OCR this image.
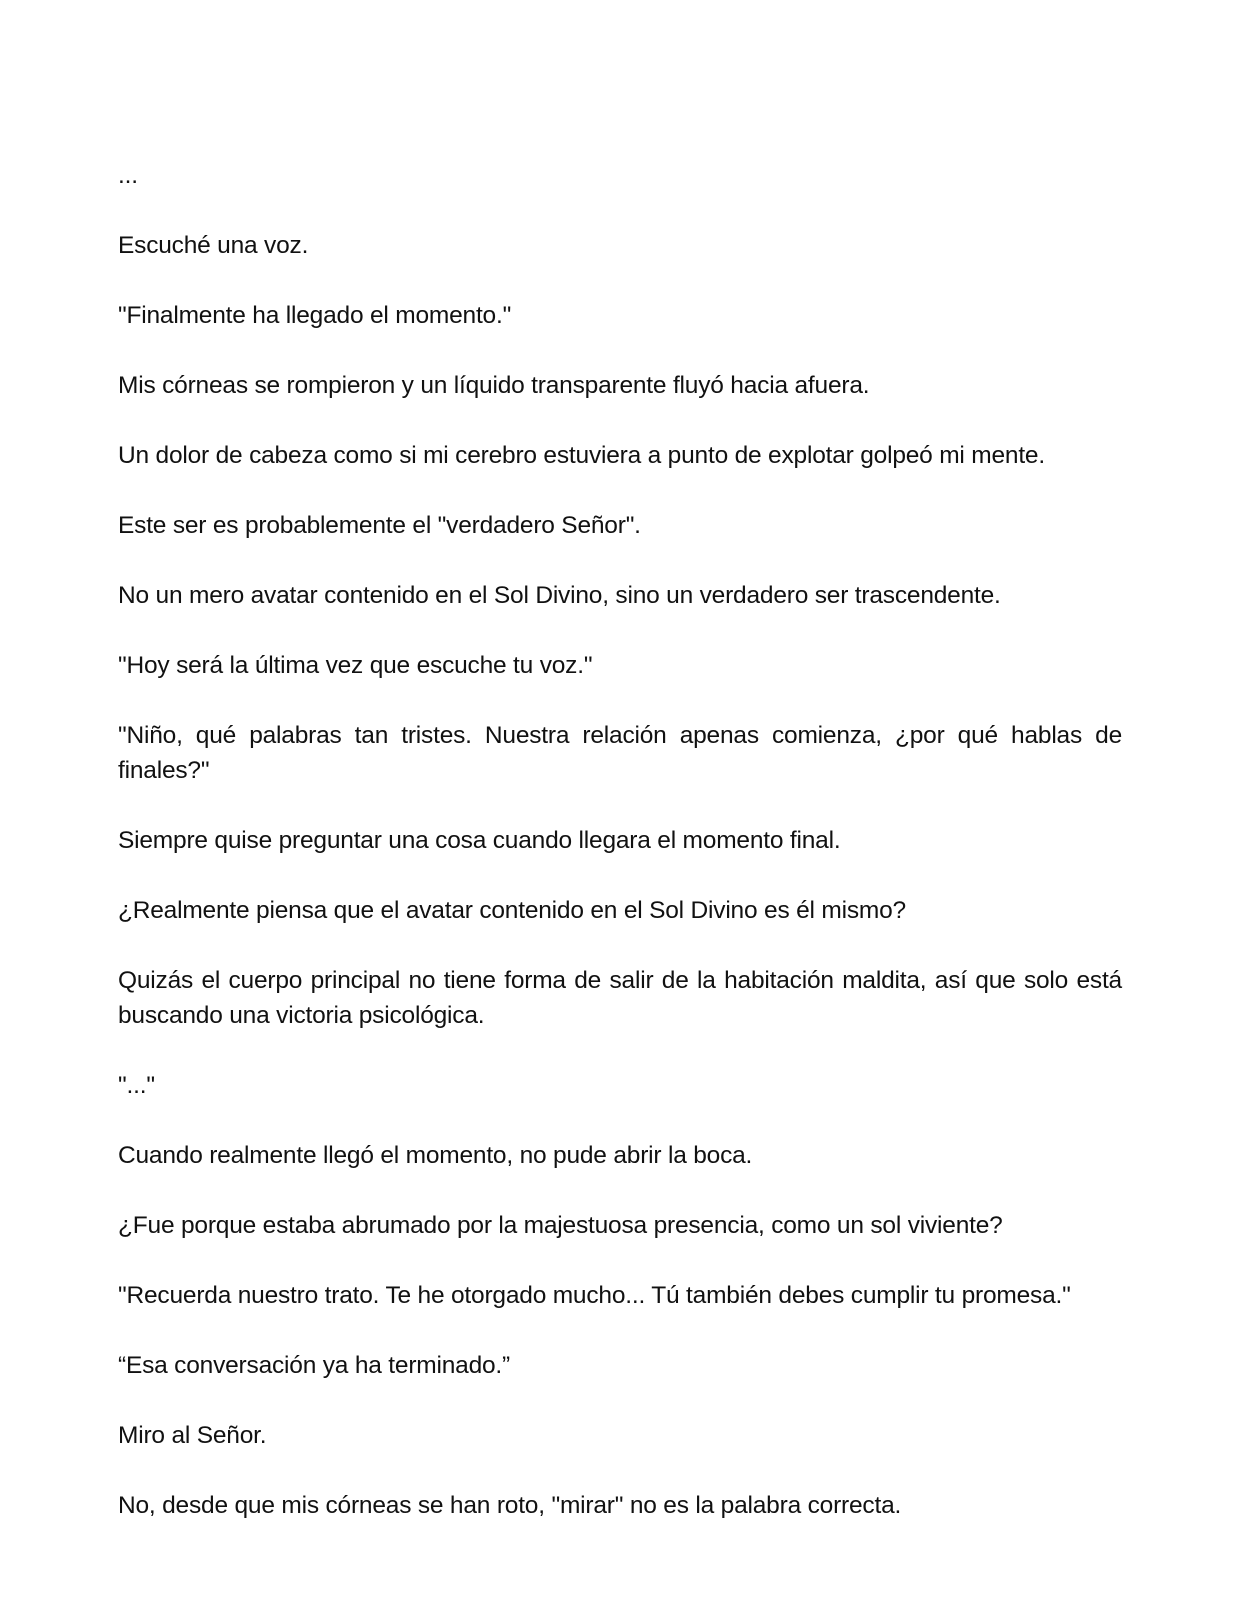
...

Escuché una voz.

"Finalmente ha llegado el momento."

Mis córneas se rompieron y un líquido transparente fluyó hacia afuera.

Un dolor de cabeza como si mi cerebro estuviera a punto de explotar golpeó mi mente.

Este ser es probablemente el "verdadero Señor".

No un mero avatar contenido en el Sol Divino, sino un verdadero ser trascendente.

"Hoy será la última vez que escuche tu voz."

"Niño, qué palabras tan tristes. Nuestra relación apenas comienza, ¿por qué hablas de finales?"

Siempre quise preguntar una cosa cuando llegara el momento final.

¿Realmente piensa que el avatar contenido en el Sol Divino es él mismo?

Quizás el cuerpo principal no tiene forma de salir de la habitación maldita, así que solo está buscando una victoria psicológica.

"..."

Cuando realmente llegó el momento, no pude abrir la boca.

¿Fue porque estaba abrumado por la majestuosa presencia, como un sol viviente?

"Recuerda nuestro trato. Te he otorgado mucho... Tú también debes cumplir tu promesa."

“Esa conversación ya ha terminado.”

Miro al Señor.

No, desde que mis córneas se han roto, "mirar" no es la palabra correcta.
